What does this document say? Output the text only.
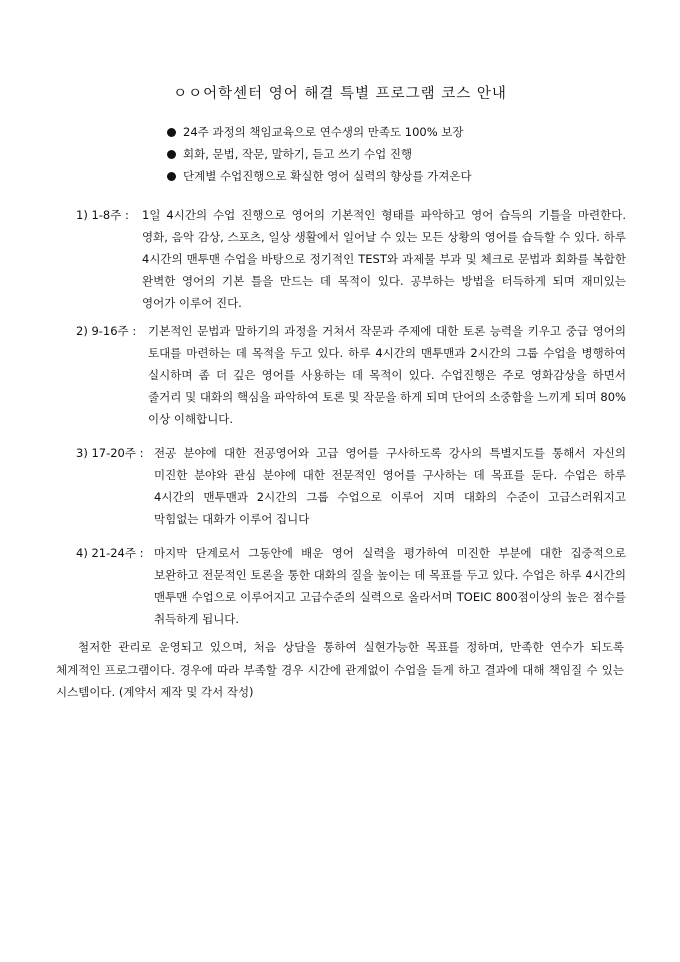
ㅇㅇ어학센터 영어 해결 특별 프로그램 코스 안내
24주 과정의 책임교육으로 연수생의 만족도 100% 보장
회화, 문법, 작문, 말하기, 듣고 쓰기 수업 진행
단계별 수업진행으로 확실한 영어 실력의 향상를 가져온다
1) 1-8주 :	1일 4시간의 수업 진행으로 영어의 기본적인 형태를 파악하고 영어 습득의 기틀을 마련한다. 영화, 음악 감상, 스포츠, 일상 생활에서 일어날 수 있는 모든 상황의 영어를 습득할 수 있다. 하루 4시간의 맨투맨 수업을 바탕으로 정기적인 TEST와 과제물 부과 및 체크로 문법과 회화를 복합한 완벽한 영어의 기본 틀을 만드는 데 목적이 있다. 공부하는 방법을 터득하게 되며 재미있는 영어가 이루어 진다.
2) 9-16주 :	기본적인 문법과 말하기의 과정을 거쳐서 작문과 주제에 대한 토론 능력을 키우고 중급 영어의 토대를 마련하는 데 목적을 두고 있다. 하루 4시간의 맨투맨과 2시간의 그룹 수업을 병행하여 실시하며 좀 더 깊은 영어를 사용하는 데 목적이 있다. 수업진행은 주로 영화감상을 하면서 줄거리 및 대화의 핵심을 파악하여 토론 및 작문을 하게 되며 단어의 소중함을 느끼게 되며 80%이상 이해합니다.
3) 17-20주 : 전공 분야에 대한 전공영어와 고급 영어를 구사하도록 강사의 특별지도를 통해서 자신의 미진한 분야와 관심 분야에 대한 전문적인 영어를 구사하는 데 목표를 둔다. 수업은 하루 4시간의 맨투맨과 2시간의 그룹 수업으로 이루어 지며 대화의 수준이 고급스러워지고 막힘없는 대화가 이루어 집니다
4) 21-24주 : 마지막 단계로서 그동안에 배운 영어 실력을 평가하여 미진한 부분에 대한 집중적으로 보완하고 전문적인 토론을 통한 대화의 질을 높이는 데 목표를 두고 있다. 수업은 하루 4시간의 맨투맨 수업으로 이루어지고 고급수준의 실력으로 올라서며 TOEIC 800점이상의 높은 점수를 취득하게 됩니다.
철저한 관리로 운영되고 있으며, 처음 상담을 통하여 실현가능한 목표를 정하며, 만족한 연수가 되도록 체계적인 프로그램이다. 경우에 따라 부족할 경우 시간에 관계없이 수업을 듣게 하고 결과에 대해 책임질 수 있는 시스템이다. (계약서 제작 및 각서 작성)
